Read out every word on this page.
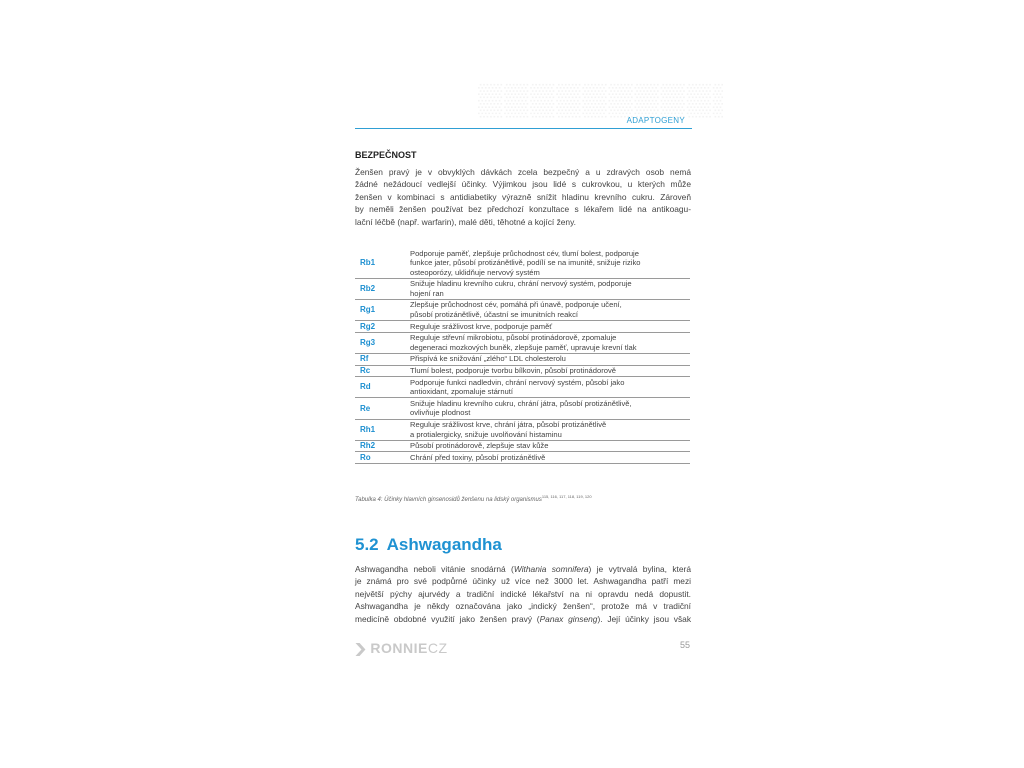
ADAPTOGENY
BEZPEČNOST
Ženšen pravý je v obvyklých dávkách zcela bezpečný a u zdravých osob nemá
žádné nežádoucí vedlejší účinky. Výjimkou jsou lidé s cukrovkou, u kterých může
ženšen v kombinaci s antidiabetiky výrazně snížit hladinu krevního cukru. Zároveň
by neměli ženšen používat bez předchozí konzultace s lékařem lidé na antikoagu-
lační léčbě (např. warfarin), malé děti, těhotné a kojící ženy.
Rb1	Podporuje paměť, zlepšuje průchodnost cév, tlumí bolest, podporuje
funkce jater, působí protizánětlivě, podílí se na imunitě, snižuje riziko
osteoporózy, uklidňuje nervový systém

Rb2	Snižuje hladinu krevního cukru, chrání nervový systém, podporuje
hojení ran

Rg1	Zlepšuje průchodnost cév, pomáhá při únavě, podporuje učení,
působí protizánětlivě, účastní se imunitních reakcí

Rg2	Reguluje srážlivost krve, podporuje paměť

Rg3	Reguluje střevní mikrobiotu, působí protinádorově, zpomaluje
degeneraci mozkových buněk, zlepšuje paměť, upravuje krevní tlak

Rf	Přispívá ke snižování „zlého“ LDL cholesterolu

Rc	Tlumí bolest, podporuje tvorbu bílkovin, působí protinádorově

Rd	Podporuje funkci nadledvin, chrání nervový systém, působí jako
antioxidant, zpomaluje stárnutí

Re	Snižuje hladinu krevního cukru, chrání játra, působí protizánětlivě,
ovlivňuje plodnost

Rh1	Reguluje srážlivost krve, chrání játra, působí protizánětlivě
a protialergicky, snižuje uvolňování histaminu

Rh2	Působí protinádorově, zlepšuje stav kůže

Ro	Chrání před toxiny, působí protizánětlivě
Tabulka 4: Účinky hlavních ginsenosidů ženšenu na lidský organismus$^{115, 116, 117, 118, 119, 120}$
5.2 Ashwagandha
Ashwagandha neboli vitánie snodárná (Withania somnifera) je vytrvalá bylina, která
je známá pro své podpůrné účinky už více než 3000 let. Ashwagandha patří mezi
největší pýchy ajurvédy a tradiční indické lékařství na ni opravdu nedá dopustit.
Ashwagandha je někdy označována jako „indický ženšen“, protože má v tradiční
medicíně obdobné využití jako ženšen pravý (Panax ginseng). Její účinky jsou však
❯ RONNIECZ	55
